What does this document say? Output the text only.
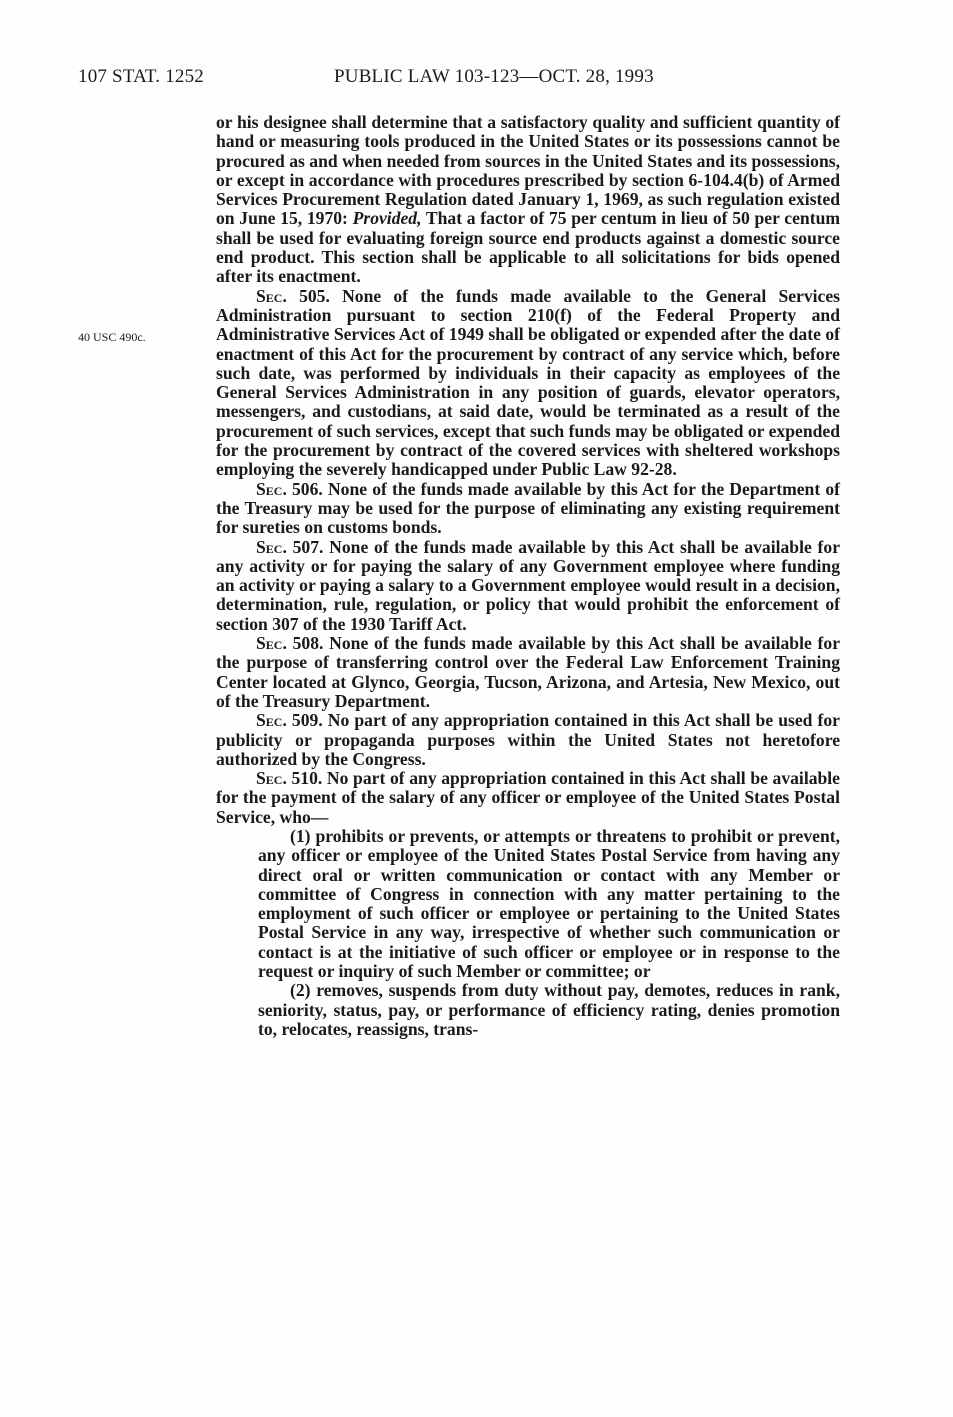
107 STAT. 1252	PUBLIC LAW 103-123—OCT. 28, 1993
40 USC 490c.

or his designee shall determine that a satisfactory quality and sufficient quantity of hand or measuring tools produced in the United States or its possessions cannot be procured as and when needed from sources in the United States and its possessions, or except in accordance with procedures prescribed by section 6-104.4(b) of Armed Services Procurement Regulation dated January 1, 1969, as such regulation existed on June 15, 1970: Provided, That a factor of 75 per centum in lieu of 50 per centum shall be used for evaluating foreign source end products against a domestic source end product. This section shall be applicable to all solicitations for bids opened after its enactment.

Sec. 505. None of the funds made available to the General Services Administration pursuant to section 210(f) of the Federal Property and Administrative Services Act of 1949 shall be obligated or expended after the date of enactment of this Act for the procurement by contract of any service which, before such date, was performed by individuals in their capacity as employees of the General Services Administration in any position of guards, elevator operators, messengers, and custodians, at said date, would be terminated as a result of the procurement of such services, except that such funds may be obligated or expended for the procurement by contract of the covered services with sheltered workshops employing the severely handicapped under Public Law 92-28.

Sec. 506. None of the funds made available by this Act for the Department of the Treasury may be used for the purpose of eliminating any existing requirement for sureties on customs bonds.

Sec. 507. None of the funds made available by this Act shall be available for any activity or for paying the salary of any Government employee where funding an activity or paying a salary to a Government employee would result in a decision, determination, rule, regulation, or policy that would prohibit the enforcement of section 307 of the 1930 Tariff Act.

Sec. 508. None of the funds made available by this Act shall be available for the purpose of transferring control over the Federal Law Enforcement Training Center located at Glynco, Georgia, Tucson, Arizona, and Artesia, New Mexico, out of the Treasury Department.

Sec. 509. No part of any appropriation contained in this Act shall be used for publicity or propaganda purposes within the United States not heretofore authorized by the Congress.

Sec. 510. No part of any appropriation contained in this Act shall be available for the payment of the salary of any officer or employee of the United States Postal Service, who—

(1) prohibits or prevents, or attempts or threatens to prohibit or prevent, any officer or employee of the United States Postal Service from having any direct oral or written communication or contact with any Member or committee of Congress in connection with any matter pertaining to the employment of such officer or employee or pertaining to the United States Postal Service in any way, irrespective of whether such communication or contact is at the initiative of such officer or employee or in response to the request or inquiry of such Member or committee; or

(2) removes, suspends from duty without pay, demotes, reduces in rank, seniority, status, pay, or performance of efficiency rating, denies promotion to, relocates, reassigns, trans-
